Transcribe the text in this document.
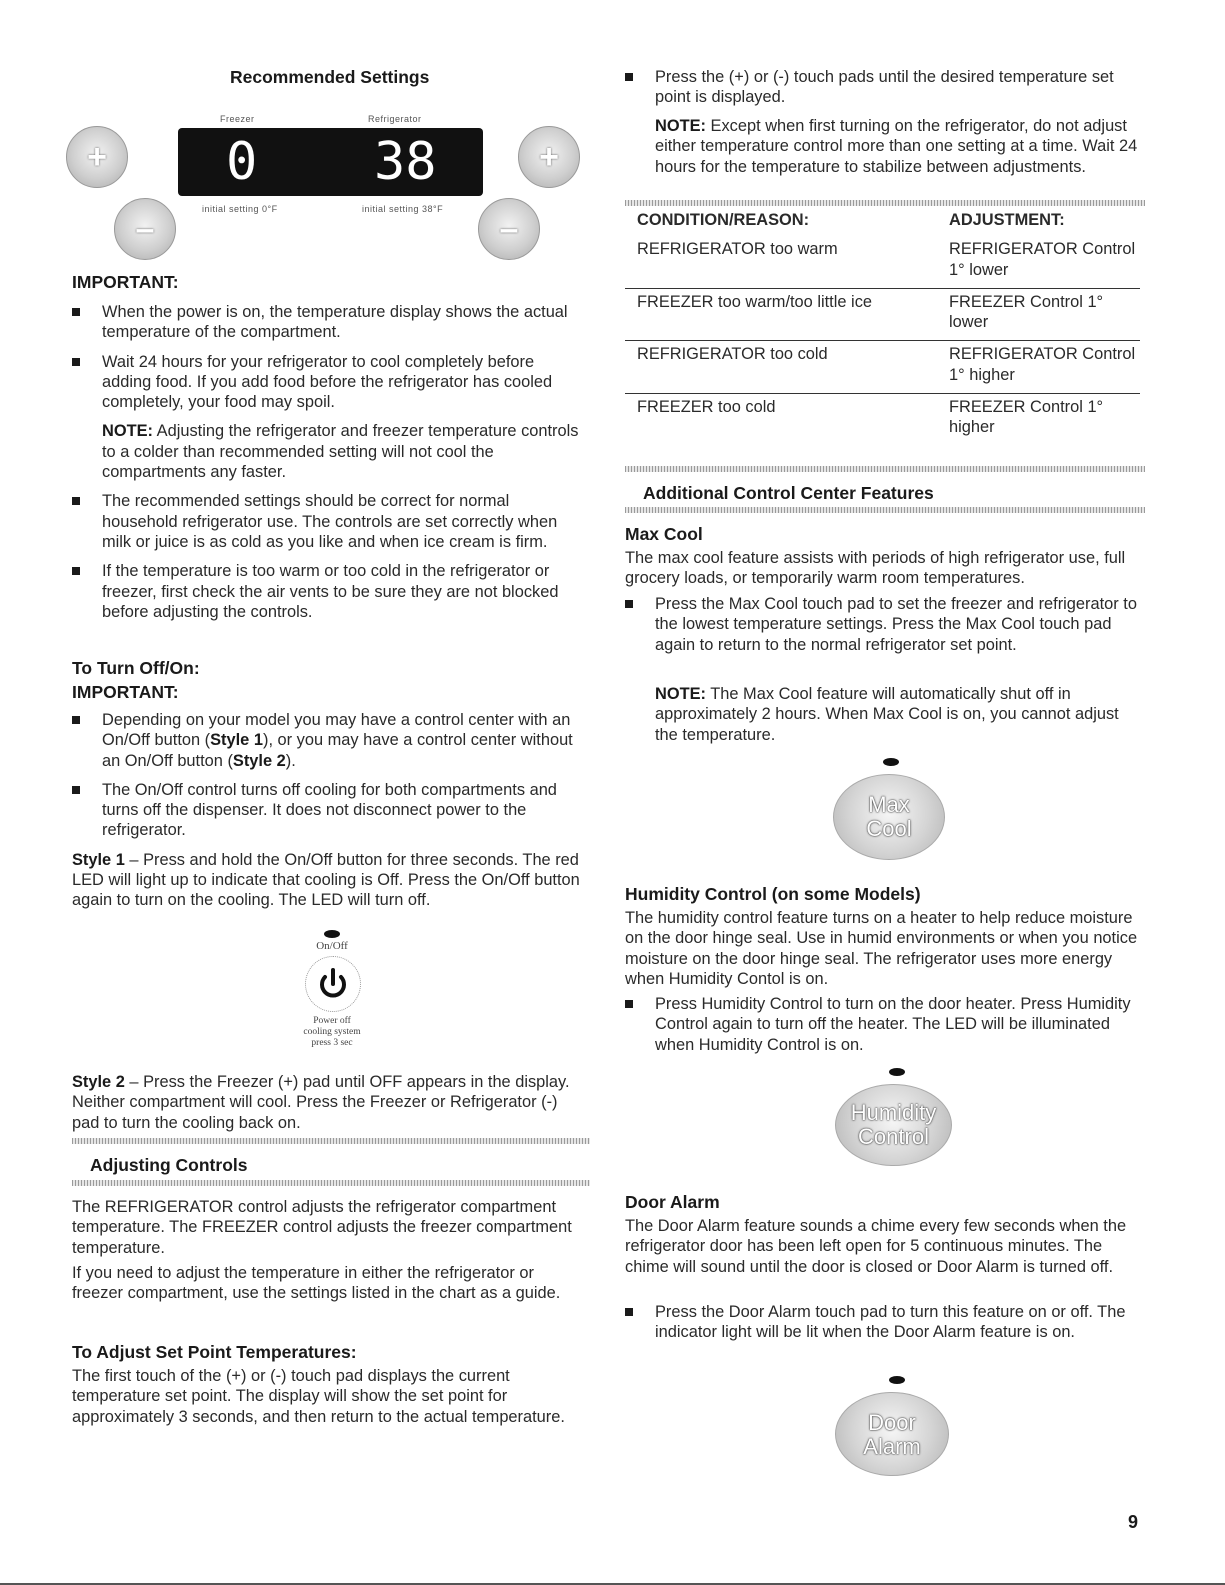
Recommended Settings
Freezer	Refrigerator
0 38
initial setting 0°F	initial setting 38°F
+
–
+
–
IMPORTANT:
When the power is on, the temperature display shows the actual temperature of the compartment.
Wait 24 hours for your refrigerator to cool completely before adding food. If you add food before the refrigerator has cooled completely, your food may spoil.
NOTE: Adjusting the refrigerator and freezer temperature controls to a colder than recommended setting will not cool the compartments any faster.
The recommended settings should be correct for normal household refrigerator use. The controls are set correctly when milk or juice is as cold as you like and when ice cream is firm.
If the temperature is too warm or too cold in the refrigerator or freezer, first check the air vents to be sure they are not blocked before adjusting the controls.
To Turn Off/On:
IMPORTANT:
Depending on your model you may have a control center with an On/Off button (Style 1), or you may have a control center without an On/Off button (Style 2).
The On/Off control turns off cooling for both compartments and turns off the dispenser. It does not disconnect power to the refrigerator.

Style 1 – Press and hold the On/Off button for three seconds. The red LED will light up to indicate that cooling is Off. Press the On/Off button again to turn on the cooling. The LED will turn off.

On/Off
Power off
cooling system
press 3 sec

Style 2 – Press the Freezer (+) pad until OFF appears in the display. Neither compartment will cool. Press the Freezer or Refrigerator (-) pad to turn the cooling back on.

Adjusting Controls

The REFRIGERATOR control adjusts the refrigerator compartment temperature. The FREEZER control adjusts the freezer compartment temperature.

If you need to adjust the temperature in either the refrigerator or freezer compartment, use the settings listed in the chart as a guide.

To Adjust Set Point Temperatures:

The first touch of the (+) or (-) touch pad displays the current temperature set point. The display will show the set point for approximately 3 seconds, and then return to the actual temperature.

Press the (+) or (-) touch pads until the desired temperature set point is displayed.
NOTE: Except when first turning on the refrigerator, do not adjust either temperature control more than one setting at a time. Wait 24 hours for the temperature to stabilize between adjustments.
CONDITION/REASON:	ADJUSTMENT:
REFRIGERATOR too warm	REFRIGERATOR Control 1° lower
FREEZER too warm/too little ice	FREEZER Control 1° lower
REFRIGERATOR too cold	REFRIGERATOR Control 1° higher
FREEZER too cold	FREEZER Control 1° higher
Additional Control Center Features
Max Cool

The max cool feature assists with periods of high refrigerator use, full grocery loads, or temporarily warm room temperatures.

Press the Max Cool touch pad to set the freezer and refrigerator to the lowest temperature settings. Press the Max Cool touch pad again to return to the normal refrigerator set point.
NOTE: The Max Cool feature will automatically shut off in approximately 2 hours. When Max Cool is on, you cannot adjust the temperature.
Max
Cool
Humidity Control (on some Models)

The humidity control feature turns on a heater to help reduce moisture on the door hinge seal. Use in humid environments or when you notice moisture on the door hinge seal. The refrigerator uses more energy when Humidity Contol is on.

Press Humidity Control to turn on the door heater. Press Humidity Control again to turn off the heater. The LED will be illuminated when Humidity Control is on.
Humidity
Control
Door Alarm

The Door Alarm feature sounds a chime every few seconds when the refrigerator door has been left open for 5 continuous minutes. The chime will sound until the door is closed or Door Alarm is turned off.

Press the Door Alarm touch pad to turn this feature on or off. The indicator light will be lit when the Door Alarm feature is on.
Door
Alarm
9
